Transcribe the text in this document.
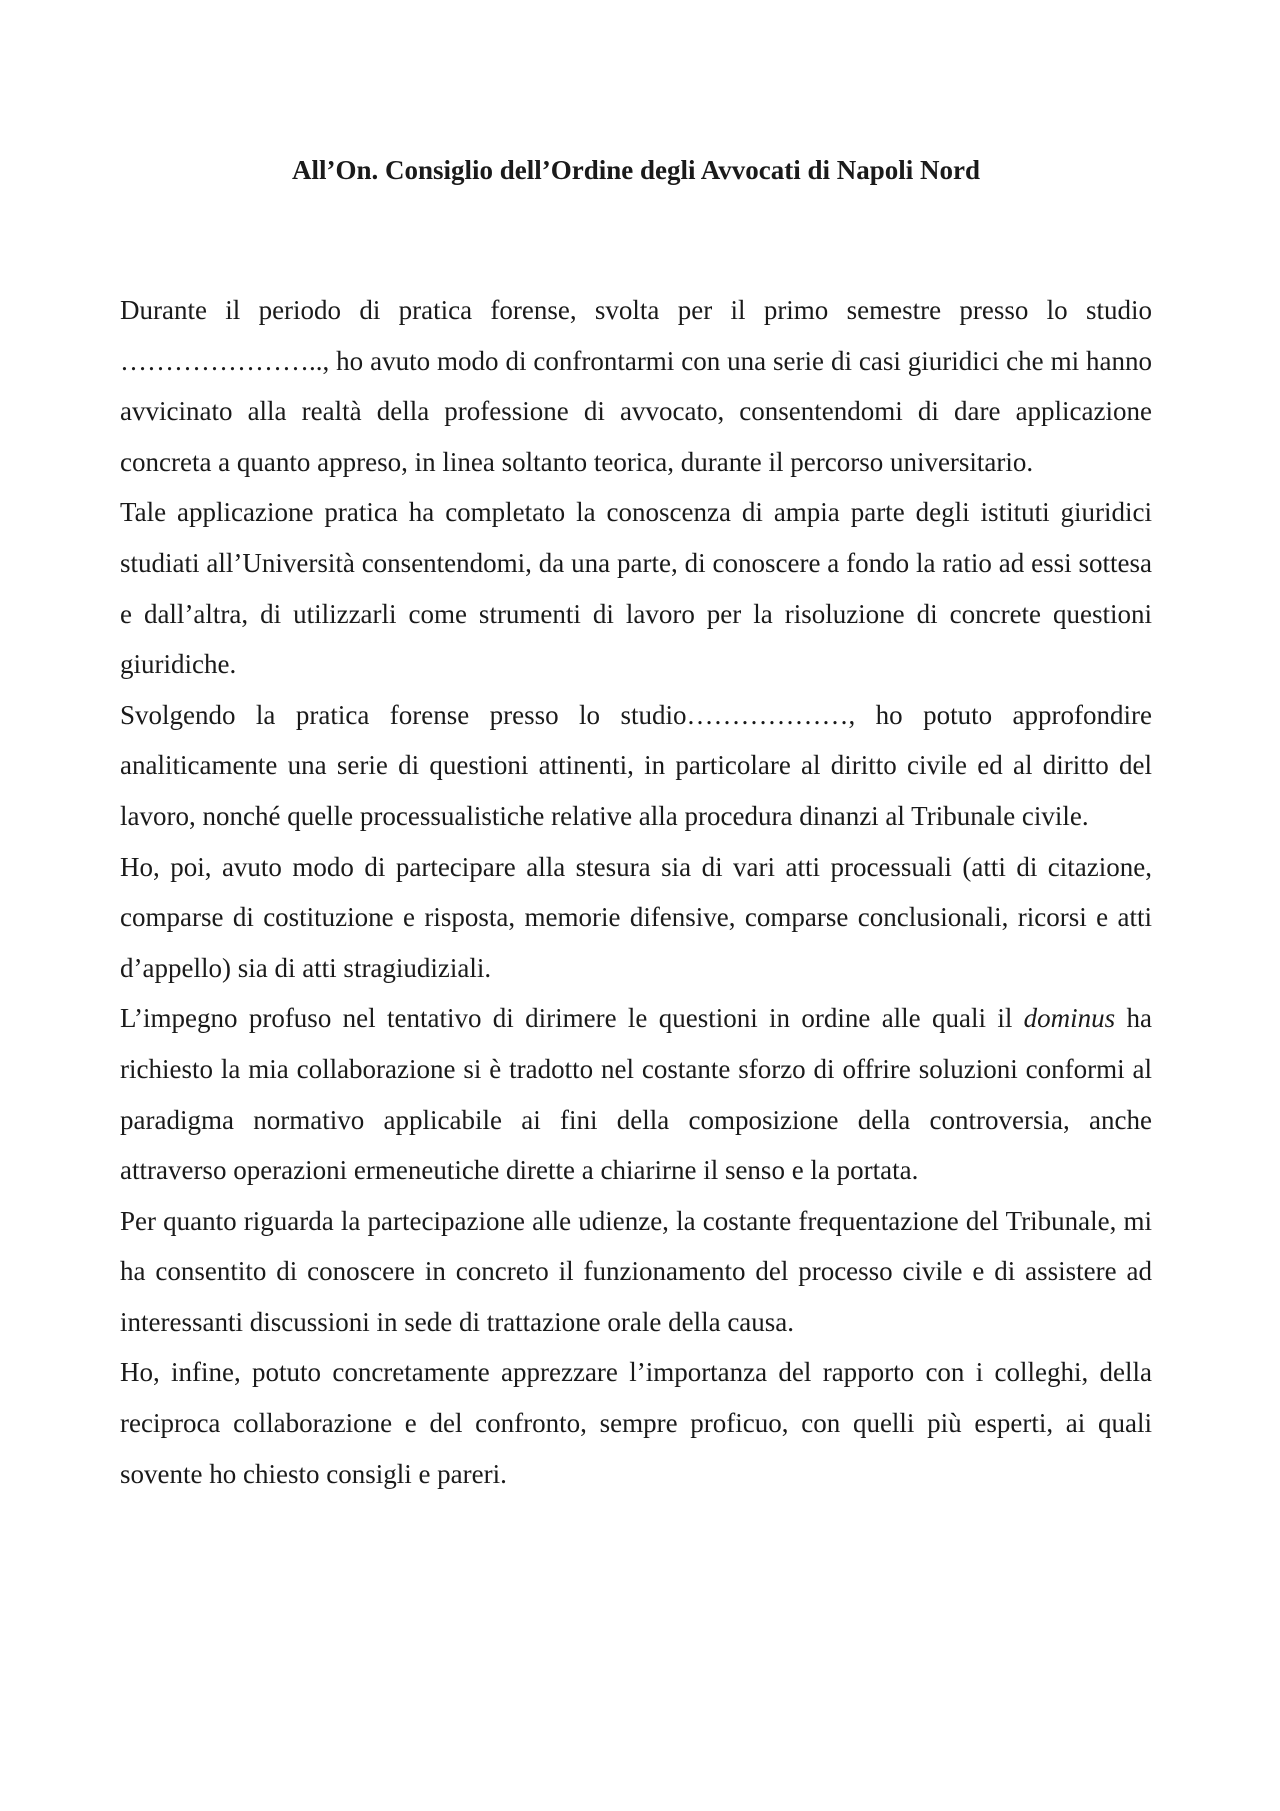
All’On. Consiglio dell’Ordine degli Avvocati di Napoli Nord

Durante il periodo di pratica forense, svolta per il primo semestre presso lo studio ………………….., ho avuto modo di confrontarmi con una serie di casi giuridici che mi hanno avvicinato alla realtà della professione di avvocato, consentendomi di dare applicazione concreta a quanto appreso, in linea soltanto teorica, durante il percorso universitario.

Tale applicazione pratica ha completato la conoscenza di ampia parte degli istituti giuridici studiati all’Università consentendomi, da una parte, di conoscere a fondo la ratio ad essi sottesa e dall’altra, di utilizzarli come strumenti di lavoro per la risoluzione di concrete questioni giuridiche.

Svolgendo la pratica forense presso lo studio………………, ho potuto approfondire analiticamente una serie di questioni attinenti, in particolare al diritto civile ed al diritto del lavoro, nonché quelle processualistiche relative alla procedura dinanzi al Tribunale civile.

Ho, poi, avuto modo di partecipare alla stesura sia di vari atti processuali (atti di citazione, comparse di costituzione e risposta, memorie difensive, comparse conclusionali, ricorsi e atti d’appello) sia di atti stragiudiziali.

L’impegno profuso nel tentativo di dirimere le questioni in ordine alle quali il dominus ha richiesto la mia collaborazione si è tradotto nel costante sforzo di offrire soluzioni conformi al paradigma normativo applicabile ai fini della composizione della controversia, anche attraverso operazioni ermeneutiche dirette a chiarirne il senso e la portata.

Per quanto riguarda la partecipazione alle udienze, la costante frequentazione del Tribunale, mi ha consentito di conoscere in concreto il funzionamento del processo civile e di assistere ad interessanti discussioni in sede di trattazione orale della causa.

Ho, infine, potuto concretamente apprezzare l’importanza del rapporto con i colleghi, della reciproca collaborazione e del confronto, sempre proficuo, con quelli più esperti, ai quali sovente ho chiesto consigli e pareri.
